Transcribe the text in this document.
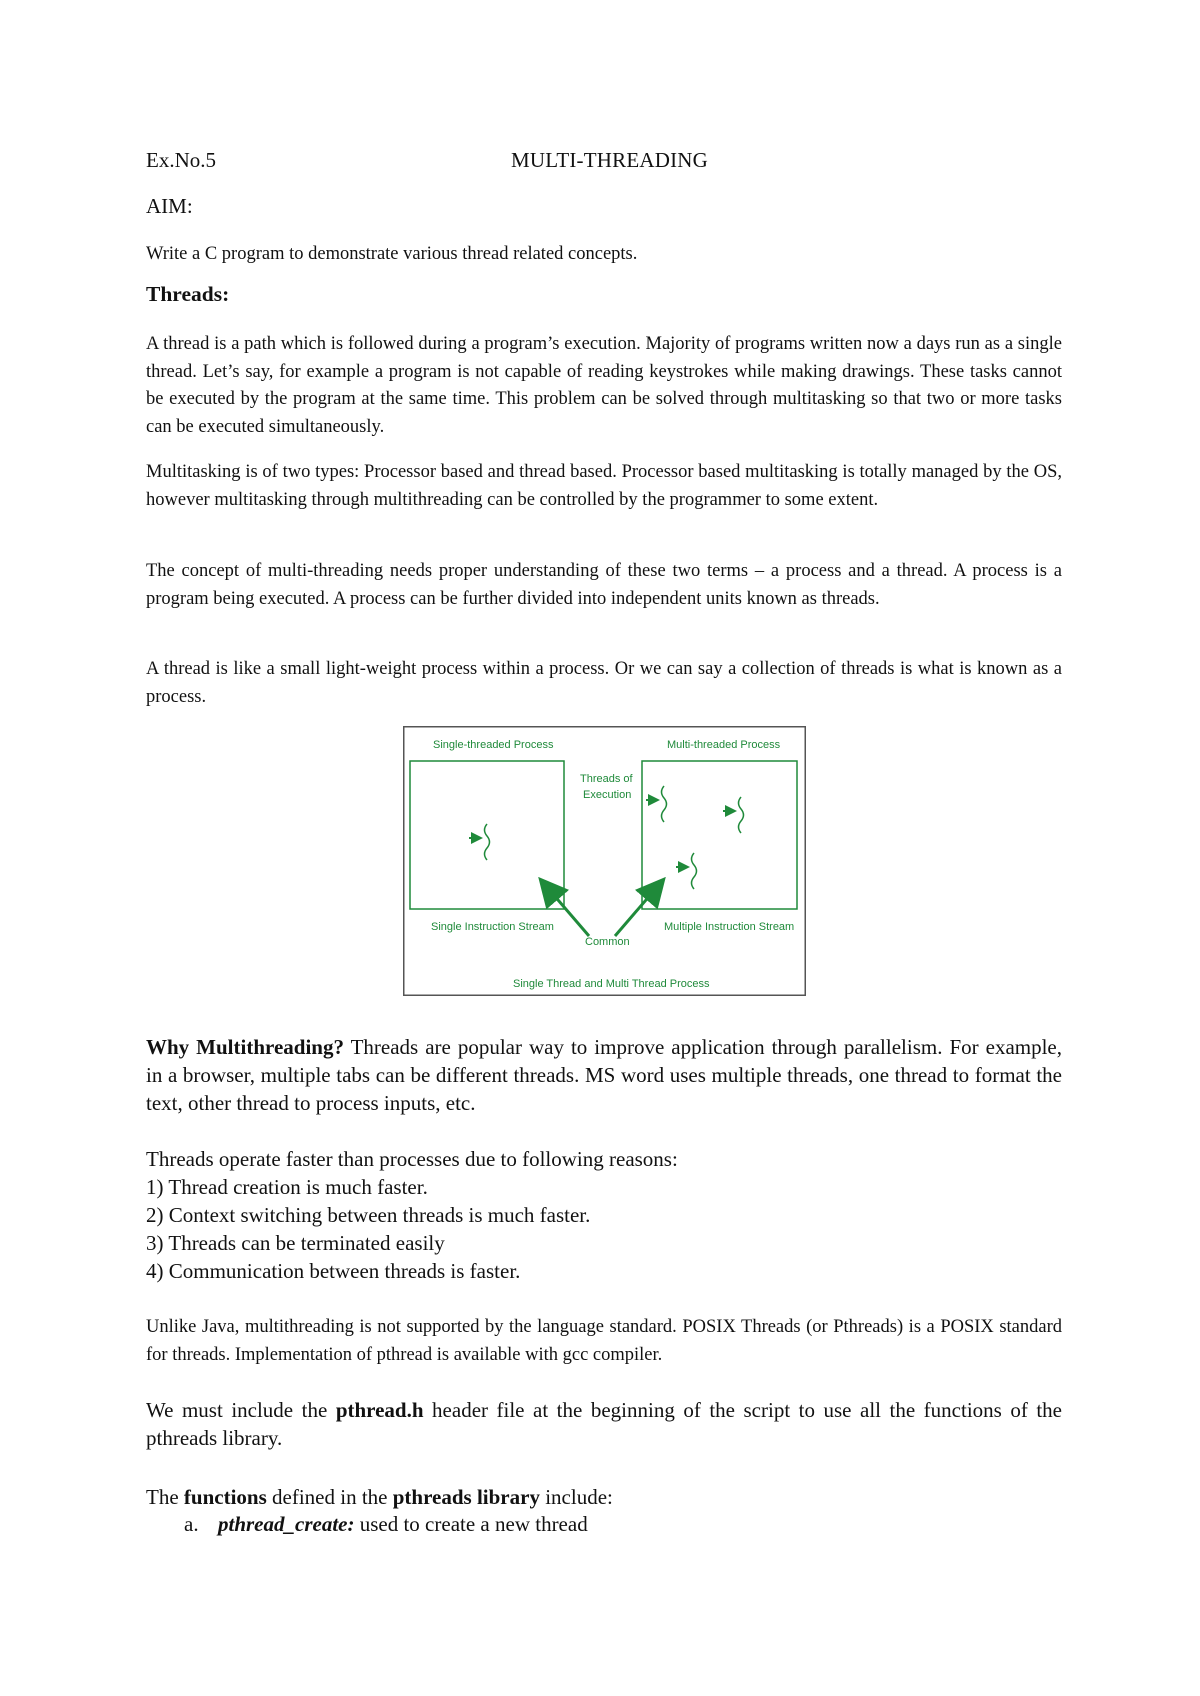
Ex.No.5	MULTI-THREADING
AIM:
Write a C program to demonstrate various thread related concepts.
Threads:
A thread is a path which is followed during a program’s execution. Majority of programs written now a days run as a single thread. Let’s say, for example a program is not capable of reading keystrokes while making drawings. These tasks cannot be executed by the program at the same time. This problem can be solved through multitasking so that two or more tasks can be executed simultaneously.
Multitasking is of two types: Processor based and thread based. Processor based multitasking is totally managed by the OS, however multitasking through multithreading can be controlled by the programmer to some extent.
The concept of multi-threading needs proper understanding of these two terms – a process and a thread. A process is a program being executed. A process can be further divided into independent units known as threads.
A thread is like a small light-weight process within a process. Or we can say a collection of threads is what is known as a process.
Single-threaded Process	Multi-threaded Process
Threads of
Execution
Single Instruction Stream	Multiple Instruction Stream
Common
Single Thread and Multi Thread Process
Why Multithreading? Threads are popular way to improve application through parallelism. For example, in a browser, multiple tabs can be different threads. MS word uses multiple threads, one thread to format the text, other thread to process inputs, etc.
Threads operate faster than processes due to following reasons:
1) Thread creation is much faster.
2) Context switching between threads is much faster.
3) Threads can be terminated easily
4) Communication between threads is faster.
Unlike Java, multithreading is not supported by the language standard. POSIX Threads (or Pthreads) is a POSIX standard for threads. Implementation of pthread is available with gcc compiler.
We must include the pthread.h header file at the beginning of the script to use all the functions of the pthreads library.
The functions defined in the pthreads library include:
a. pthread_create: used to create a new thread
